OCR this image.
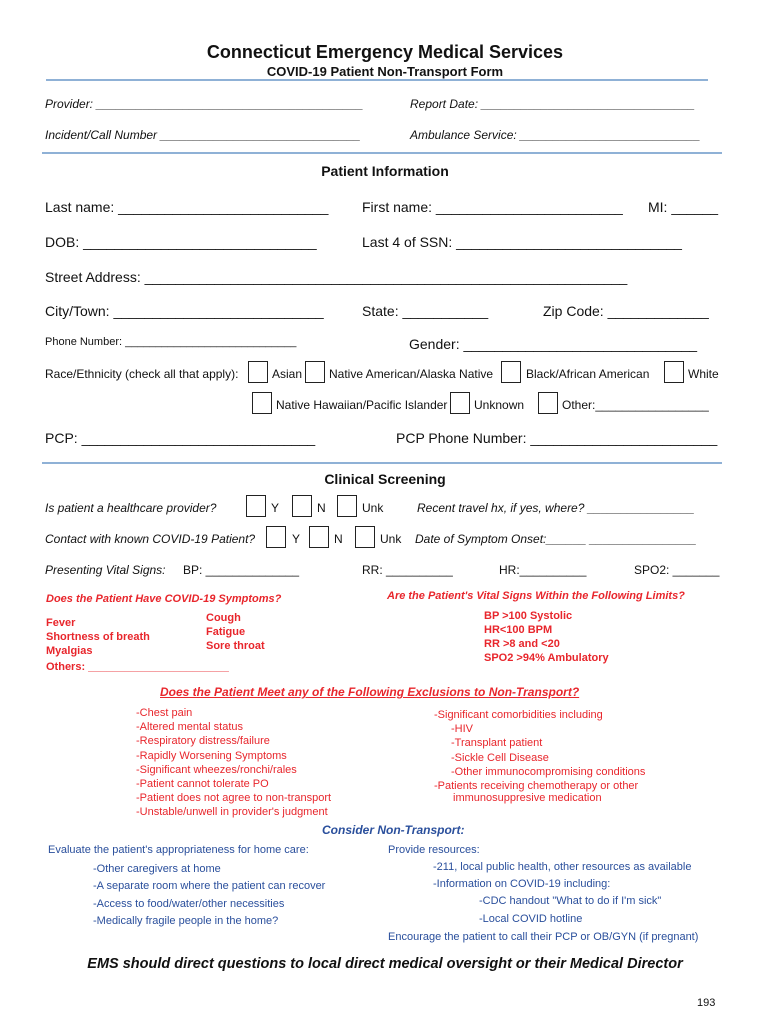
Connecticut Emergency Medical Services
COVID-19 Patient Non-Transport Form
Provider: ________________________________________	Report Date: ________________________________
Incident/Call Number ______________________________	Ambulance Service: ___________________________
Patient Information
Last name: ___________________________ First name: ________________________ MI: ______
DOB: ______________________________	Last 4 of SSN: _____________________________
Street Address: ______________________________________________________________
City/Town: ___________________________	State: ___________	Zip Code: _____________
Phone Number: ____________________________	Gender: ______________________________
Race/Ethnicity (check all that apply):	Asian Native American/Alaska Native	Black/African American	White
Native Hawaiian/Pacific Islander Unknown	Other:_________________
PCP: ______________________________	PCP Phone Number: ________________________
Clinical Screening
Is patient a healthcare provider?	Y	N	Unk	Recent travel hx, if yes, where? ________________
Contact with known COVID-19 Patient?	Y	N	Unk Date of Symptom Onset:______ ________________
Presenting Vital Signs: BP: ______________	RR: __________	HR:__________	SPO2: _______
Does the Patient Have COVID-19 Symptoms?
Fever
Shortness of breath
Myalgias
Cough
Fatigue
Sore throat
Others: _______________________
Are the Patient's Vital Signs Within the Following Limits?
BP >100 Systolic
HR<100 BPM
RR >8 and <20
SPO2 >94% Ambulatory
Does the Patient Meet any of the Following Exclusions to Non-Transport?
-Chest pain
-Altered mental status
-Respiratory distress/failure
-Rapidly Worsening Symptoms
-Significant wheezes/ronchi/rales
-Patient cannot tolerate PO
-Patient does not agree to non-transport
-Unstable/unwell in provider's judgment
-Significant comorbidities including
-HIV
-Transplant patient
-Sickle Cell Disease
-Other immunocompromising conditions
-Patients receiving chemotherapy or other
immunosuppresive medication
Consider Non-Transport:
Evaluate the patient's appropriateness for home care:
-Other caregivers at home
-A separate room where the patient can recover
-Access to food/water/other necessities
-Medically fragile people in the home?
Provide resources:
-211, local public health, other resources as available
-Information on COVID-19 including:
-CDC handout "What to do if I'm sick"
-Local COVID hotline
Encourage the patient to call their PCP or OB/GYN (if pregnant)
EMS should direct questions to local direct medical oversight or their Medical Director
193
